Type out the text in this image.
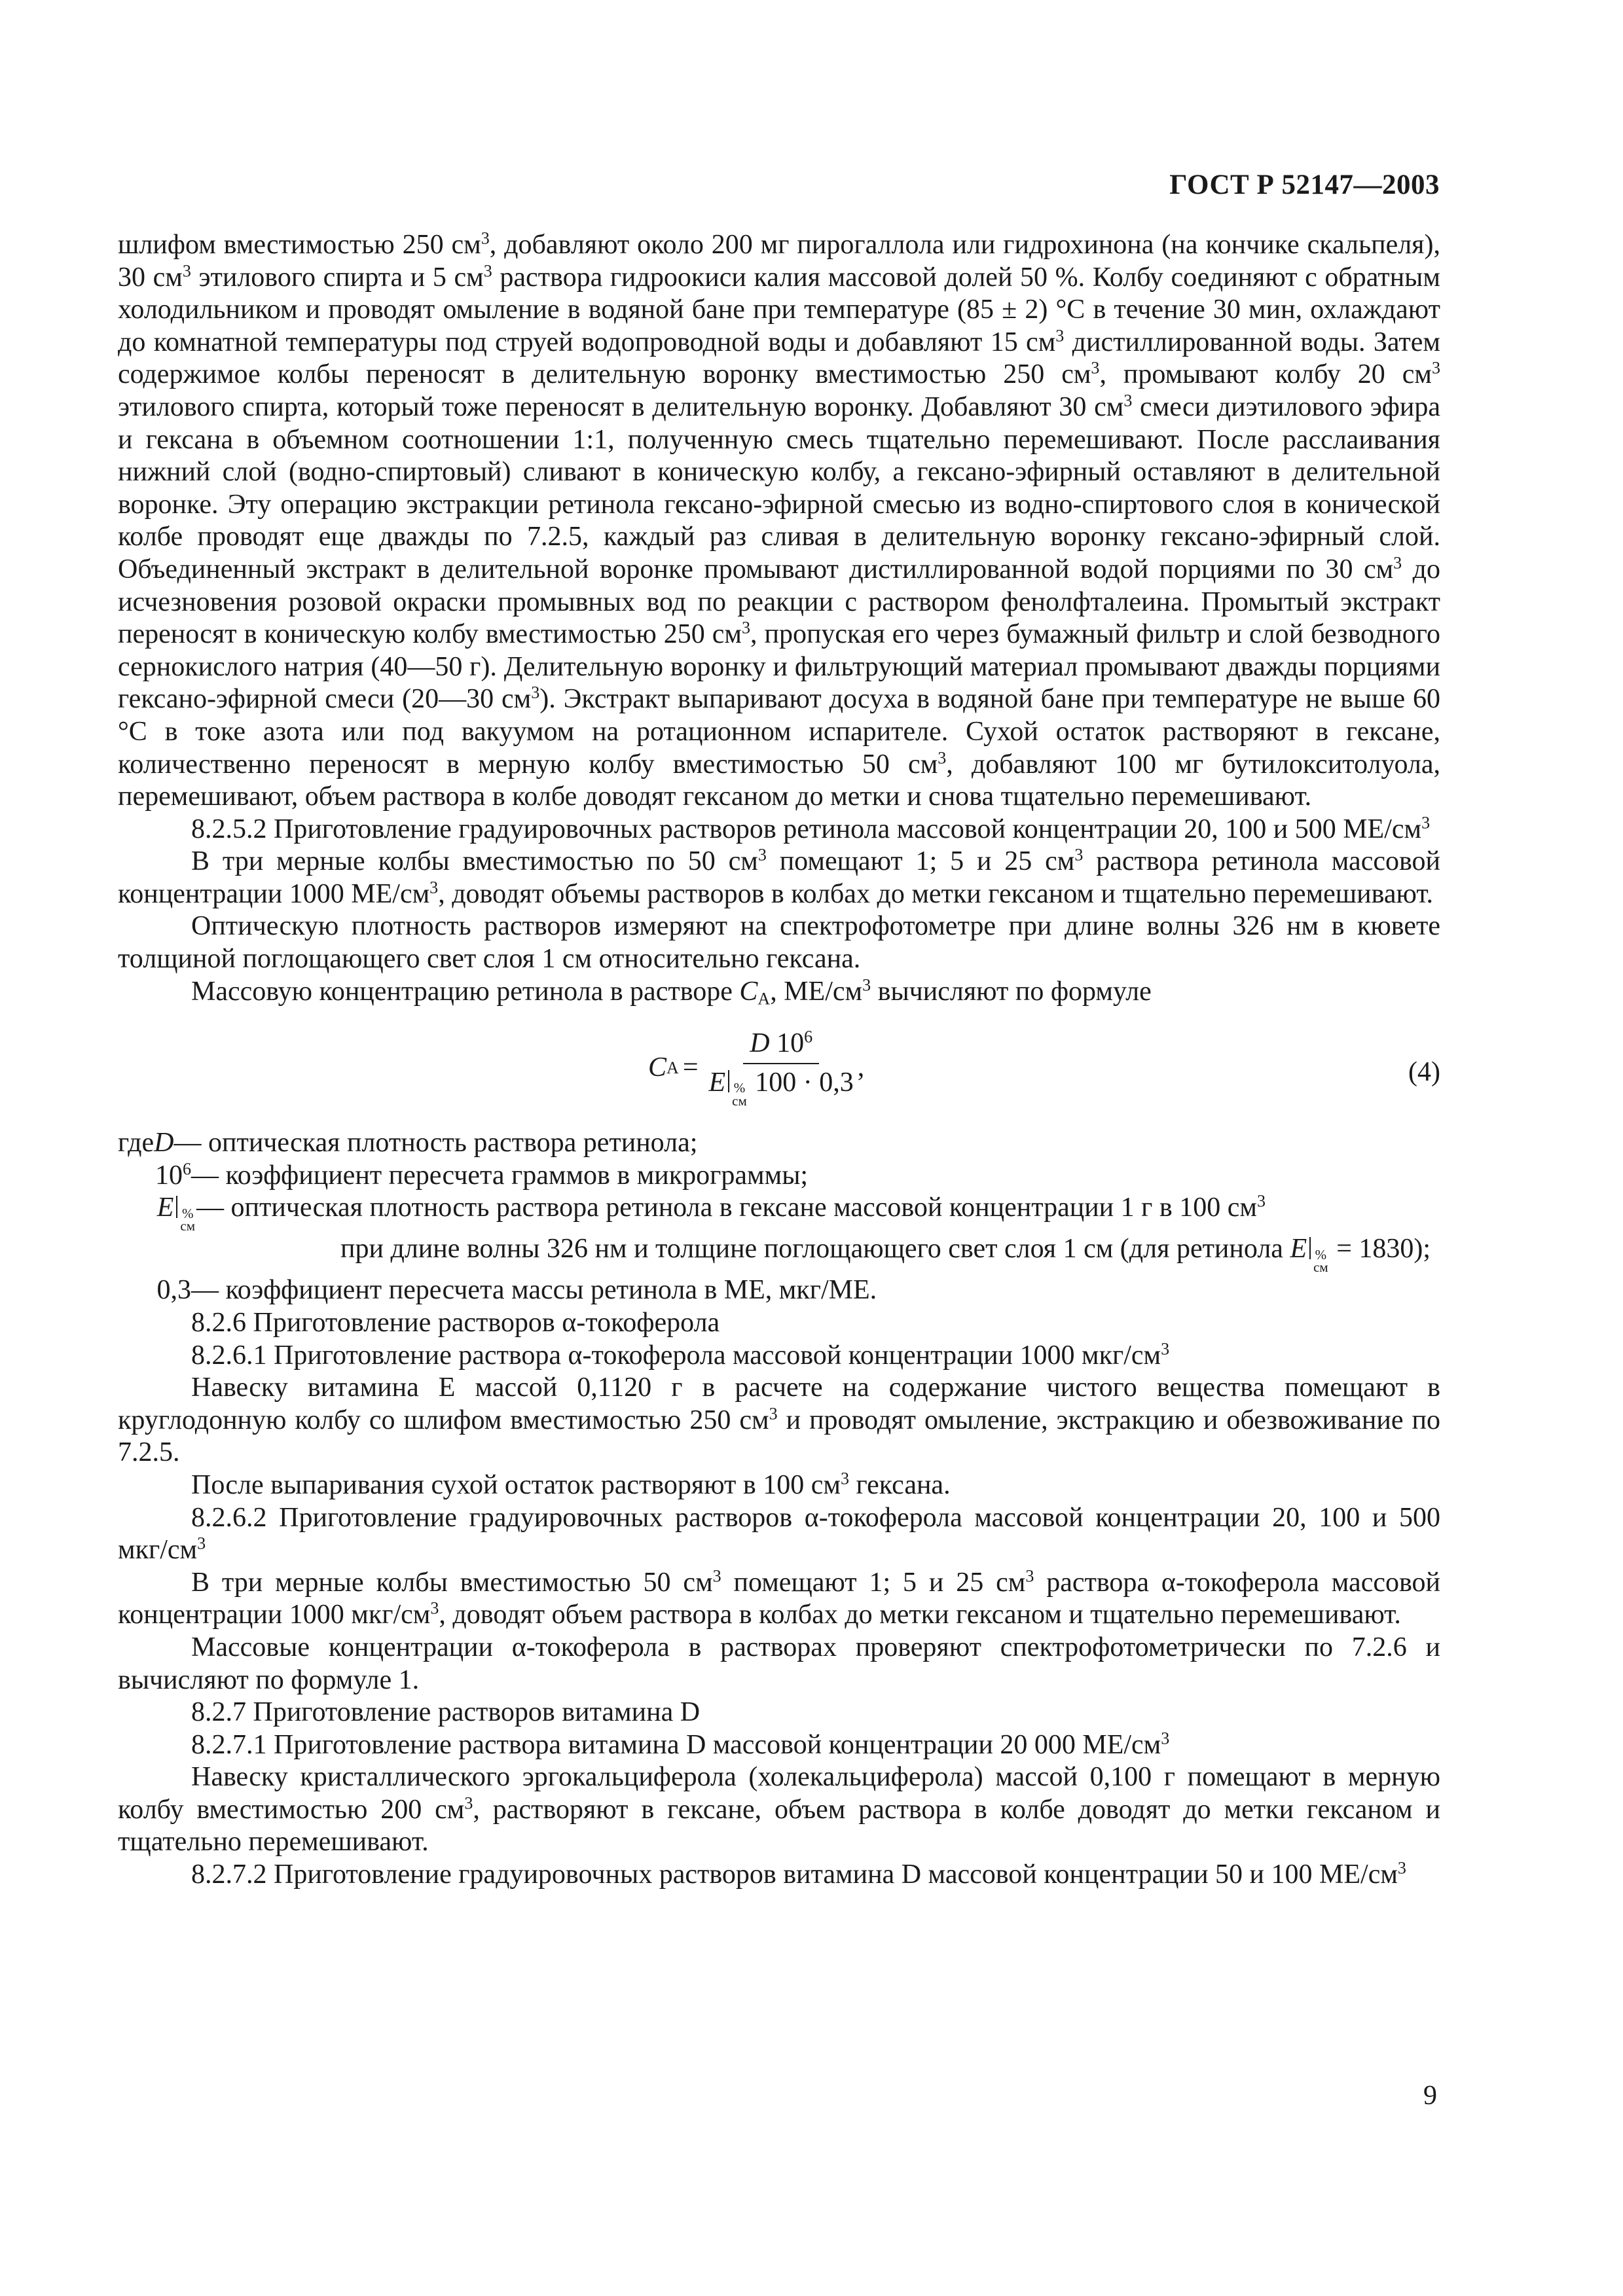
ГОСТ Р 52147—2003

шлифом вместимостью 250 $см^3$, добавляют около 200 мг пирогаллола или гидрохинона (на кончике скальпеля), 30 $см^3$ этилового спирта и 5 $см^3$ раствора гидроокиси калия массовой долей 50 %. Колбу соединяют с обратным холодильником и проводят омыление в водяной бане при температуре (85 ± 2) °С в течение 30 мин, охлаждают до комнатной температуры под струей водопроводной воды и добавляют 15 $см^3$ дистиллированной воды. Затем содержимое колбы переносят в делительную воронку вместимостью 250 $см^3$, промывают колбу 20 $см^3$ этилового спирта, который тоже переносят в делительную воронку. Добавляют 30 $см^3$ смеси диэтилового эфира и гексана в объемном соотношении 1:1, полученную смесь тщательно перемешивают. После расслаивания нижний слой (водно-спиртовый) сливают в коническую колбу, а гексано-эфирный оставляют в делительной воронке. Эту операцию экстракции ретинола гексано-эфирной смесью из водно-спиртового слоя в конической колбе проводят еще дважды по 7.2.5, каждый раз сливая в делительную воронку гексано-эфирный слой. Объединенный экстракт в делительной воронке промывают дистиллированной водой порциями по 30 $см^3$ до исчезновения розовой окраски промывных вод по реакции с раствором фенолфталеина. Промытый экстракт переносят в коническую колбу вместимостью 250 $см^3$, пропуская его через бумажный фильтр и слой безводного сернокислого натрия (40—50 г). Делительную воронку и фильтрующий материал промывают дважды порциями гексано-эфирной смеси (20—30 $см^3$). Экстракт выпаривают досуха в водяной бане при температуре не выше 60 °С в токе азота или под вакуумом на ротационном испарителе. Сухой остаток растворяют в гексане, количественно переносят в мерную колбу вместимостью 50 $см^3$, добавляют 100 мг бутилокситолуола, перемешивают, объем раствора в колбе доводят гексаном до метки и снова тщательно перемешивают.

8.2.5.2 Приготовление градуировочных растворов ретинола массовой концентрации 20, 100 и 500 $МЕ/см^3$

В три мерные колбы вместимостью по 50 $см^3$ помещают 1; 5 и 25 $см^3$ раствора ретинола массовой концентрации 1000 $МЕ/см^3$, доводят объемы растворов в колбах до метки гексаном и тщательно перемешивают.

Оптическую плотность растворов измеряют на спектрофотометре при длине волны 326 нм в кювете толщиной поглощающего свет слоя 1 см относительно гексана.

Массовую концентрацию ретинола в растворе $C_А$, $МЕ/см^3$ вычисляют по формуле

C А = D $10^6$
E %
см
100 · 0,3 ,	(4)
где D — оптическая плотность раствора ретинола;
$10^6$ — коэффициент пересчета граммов в микрограммы;
E %
см
— оптическая плотность раствора ретинола в гексане массовой концентрации 1 г в 100 $см^3$
при длине волны 326 нм и толщине поглощающего свет слоя 1 см (для ретинола E %
см
= 1830);
0,3 — коэффициент пересчета массы ретинола в МЕ, мкг/МЕ.

8.2.6 Приготовление растворов α-токоферола

8.2.6.1 Приготовление раствора α-токоферола массовой концентрации 1000 мкг/$см^3$

Навеску витамина Е массой 0,1120 г в расчете на содержание чистого вещества помещают в круглодонную колбу со шлифом вместимостью 250 $см^3$ и проводят омыление, экстракцию и обезвоживание по 7.2.5.

После выпаривания сухой остаток растворяют в 100 $см^3$ гексана.

8.2.6.2 Приготовление градуировочных растворов α-токоферола массовой концентрации 20, 100 и 500 мкг/$см^3$

В три мерные колбы вместимостью 50 $см^3$ помещают 1; 5 и 25 $см^3$ раствора α-токоферола массовой концентрации 1000 мкг/$см^3$, доводят объем раствора в колбах до метки гексаном и тщательно перемешивают.

Массовые концентрации α-токоферола в растворах проверяют спектрофотометрически по 7.2.6 и вычисляют по формуле 1.

8.2.7 Приготовление растворов витамина D

8.2.7.1 Приготовление раствора витамина D массовой концентрации 20 000 $МЕ/см^3$

Навеску кристаллического эргокальциферола (холекальциферола) массой 0,100 г помещают в мерную колбу вместимостью 200 $см^3$, растворяют в гексане, объем раствора в колбе доводят до метки гексаном и тщательно перемешивают.

8.2.7.2 Приготовление градуировочных растворов витамина D массовой концентрации 50 и 100 $МЕ/см^3$

9
